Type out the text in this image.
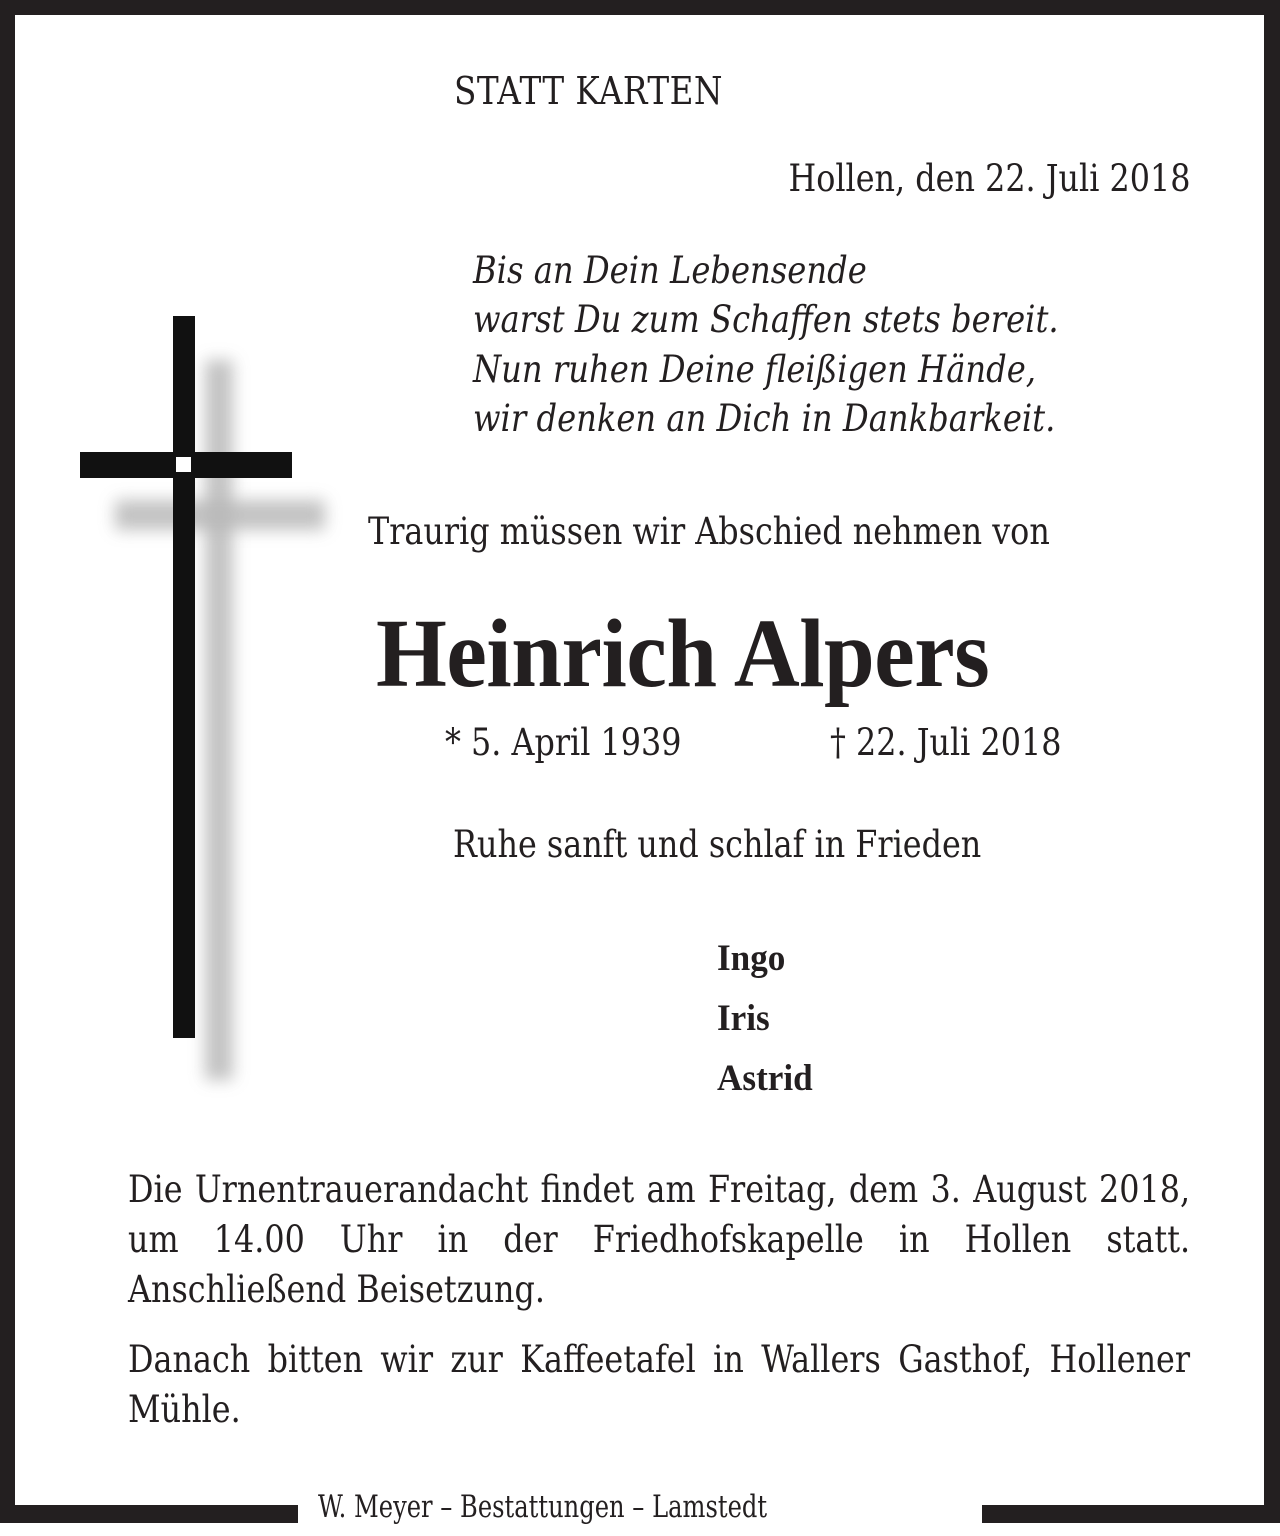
STATT KARTEN
Hollen, den 22. Juli 2018
Bis an Dein Lebensende
warst Du zum Schaffen stets bereit.
Nun ruhen Deine fleißigen Hände,
wir denken an Dich in Dankbarkeit.
Traurig müssen wir Abschied nehmen von
Heinrich Alpers
* 5. April 1939	† 22. Juli 2018
Ruhe sanft und schlaf in Frieden
Ingo
Iris
Astrid
Die Urnentrauerandacht findet am Freitag, dem 3. August 2018, um 14.00 Uhr in der Friedhofskapelle in Hollen statt. Anschließend Beisetzung.
Danach bitten wir zur Kaffeetafel in Wallers Gasthof, Hollener Mühle.
W. Meyer – Bestattungen – Lamstedt
